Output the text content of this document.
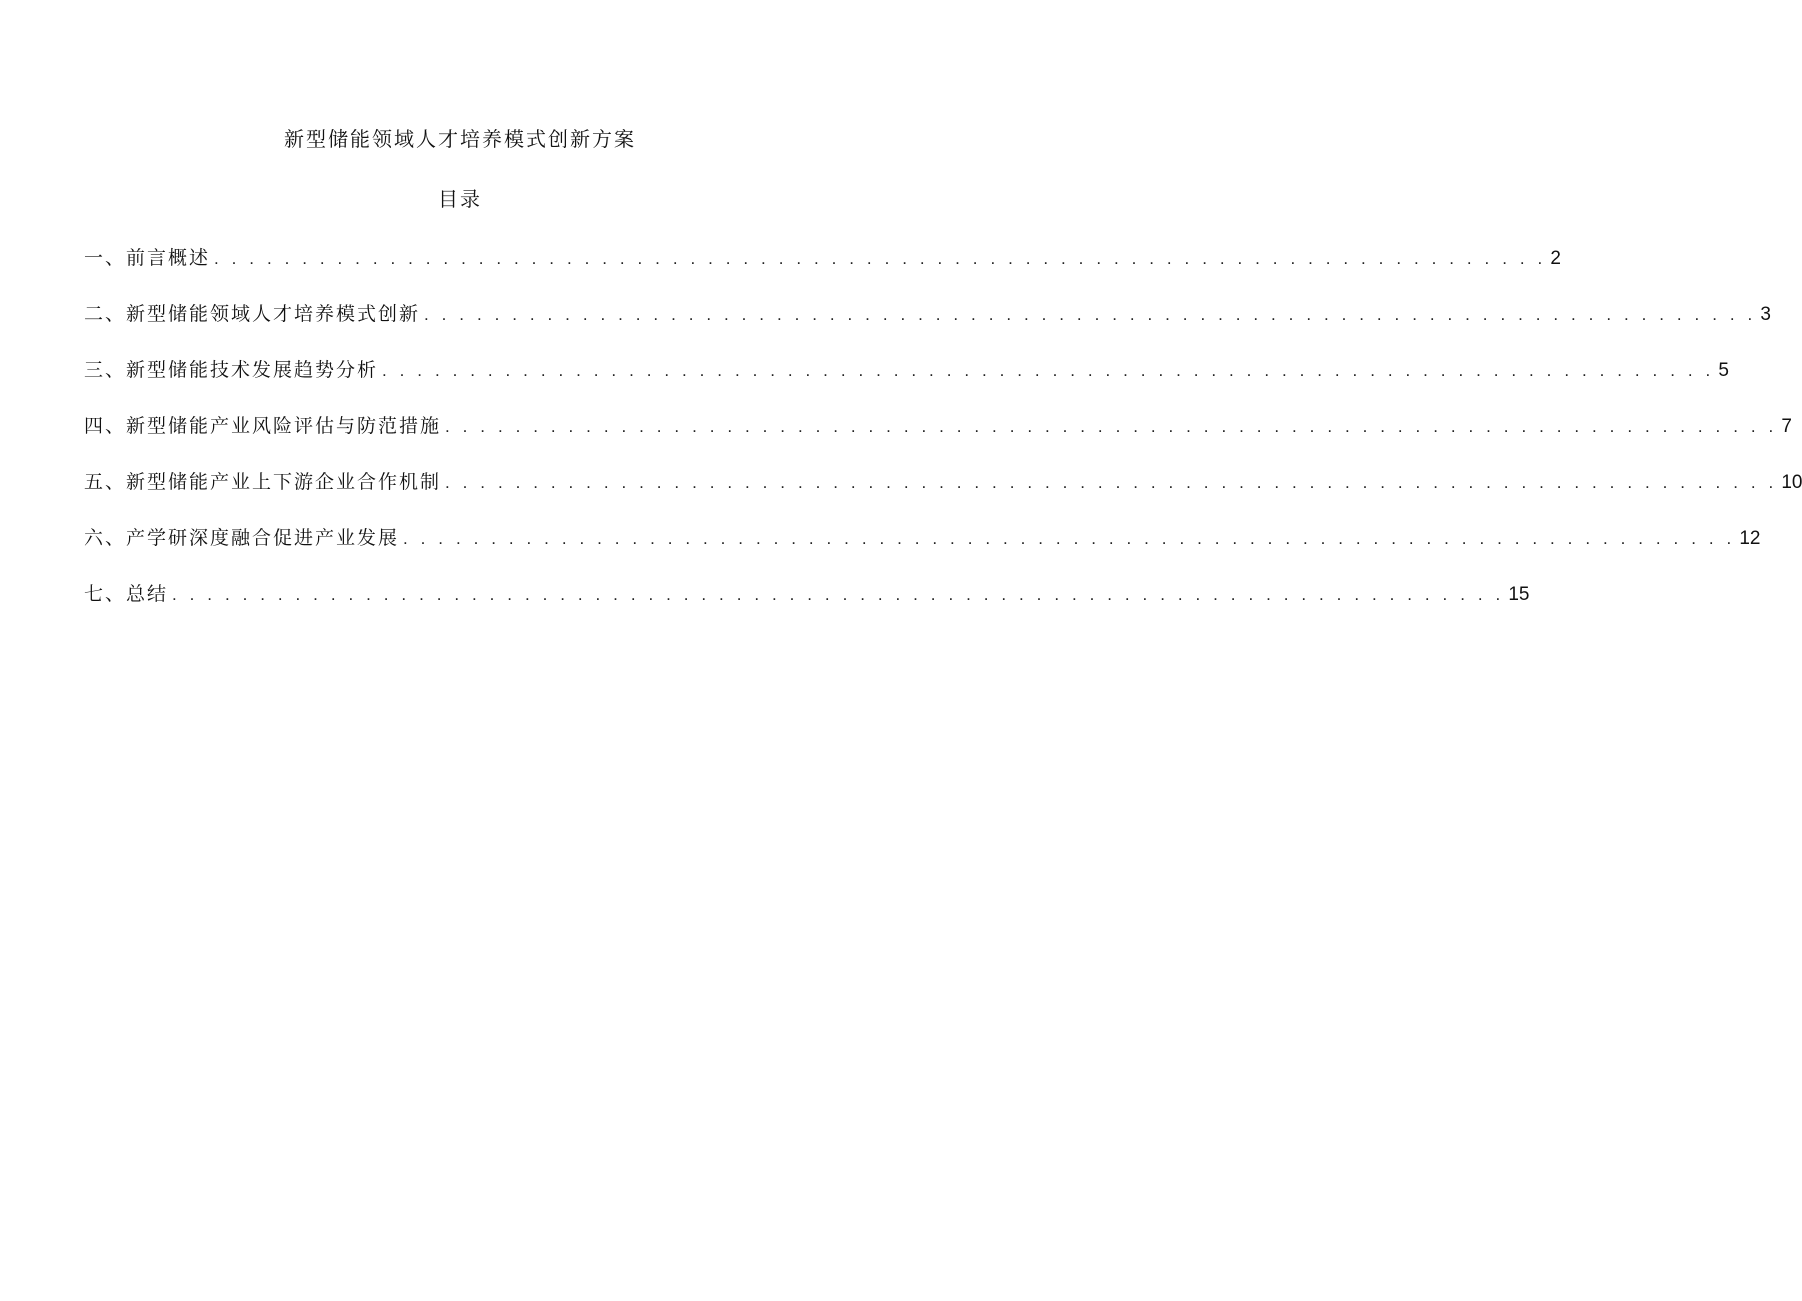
新型储能领域人才培养模式创新方案
目录
一、前言概述 . . . . . . . . . . . . . . . . . . . . . . . . . . . . . . . . . . . . . . . . . . . . . . . . . . . . . . . . . . . . . . . . . . . . . . . . . . . . 2
二、新型储能领域人才培养模式创新 . . . . . . . . . . . . . . . . . . . . . . . . . . . . . . . . . . . . . . . . . . . . . . . . . . . . . . . . . . . . . . . . . . . . . . . . . . . . 3
三、新型储能技术发展趋势分析 . . . . . . . . . . . . . . . . . . . . . . . . . . . . . . . . . . . . . . . . . . . . . . . . . . . . . . . . . . . . . . . . . . . . . . . . . . . . 5
四、新型储能产业风险评估与防范措施 . . . . . . . . . . . . . . . . . . . . . . . . . . . . . . . . . . . . . . . . . . . . . . . . . . . . . . . . . . . . . . . . . . . . . . . . . . . . 7
五、新型储能产业上下游企业合作机制 . . . . . . . . . . . . . . . . . . . . . . . . . . . . . . . . . . . . . . . . . . . . . . . . . . . . . . . . . . . . . . . . . . . . . . . . . . . . 10
六、产学研深度融合促进产业发展 . . . . . . . . . . . . . . . . . . . . . . . . . . . . . . . . . . . . . . . . . . . . . . . . . . . . . . . . . . . . . . . . . . . . . . . . . . . . 12
七、总结 . . . . . . . . . . . . . . . . . . . . . . . . . . . . . . . . . . . . . . . . . . . . . . . . . . . . . . . . . . . . . . . . . . . . . . . . . . . . 15
